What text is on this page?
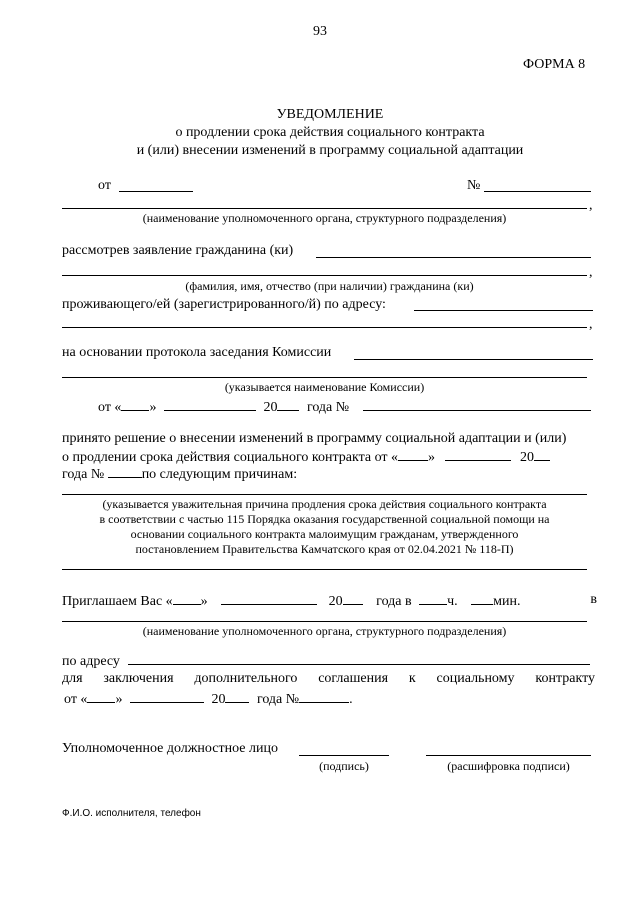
93
ФОРМА 8
УВЕДОМЛЕНИЕ
о продлении срока действия социального контракта
и (или) внесении изменений в программу социальной адаптации
от	№
,
(наименование уполномоченного органа, структурного подразделения)
рассмотрев заявление гражданина (ки)
,
(фамилия, имя, отчество (при наличии) гражданина (ки)
проживающего/ей (зарегистрированного/й) по адресу:
,
на основании протокола заседания Комиссии
(указывается наименование Комиссии)
от « »	20 года №
принято решение о внесении изменений в программу социальной адаптации и (или)
о продлении срока действия социального контракта от « »	20
года №	по следующим причинам:
(указывается уважительная причина продления срока действия социального контракта
в соответствии с частью 115 Порядка оказания государственной социальной помощи на
основании социального контракта малоимущим гражданам, утвержденного
постановлением Правительства Камчатского края от 02.04.2021 № 118-П)
Приглашаем Вас « »	20 года в	ч.	мин.	в
(наименование уполномоченного органа, структурного подразделения)
по адресу
для заключения дополнительного соглашения к социальному контракту
от « »	20 года №	.
Уполномоченное должностное лицо
(подпись)	(расшифровка подписи)
Ф.И.О. исполнителя, телефон
